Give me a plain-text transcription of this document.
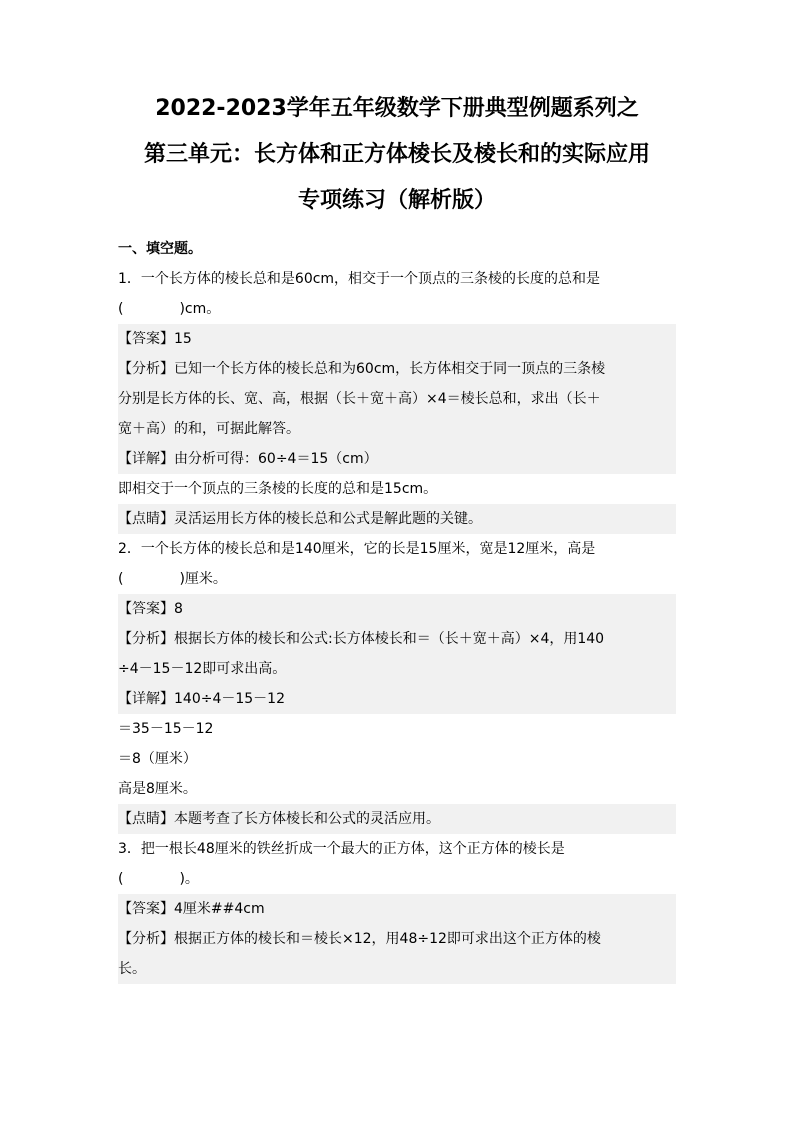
2022-2023学年五年级数学下册典型例题系列之
第三单元：长方体和正方体棱长及棱长和的实际应用
专项练习（解析版）
一、填空题。
1．一个长方体的棱长总和是60cm，相交于一个顶点的三条棱的长度的总和是
(　　　　)cm。
【答案】15
【分析】已知一个长方体的棱长总和为60cm，长方体相交于同一顶点的三条棱
分别是长方体的长、宽、高，根据（长＋宽＋高）×4＝棱长总和，求出（长＋
宽＋高）的和，可据此解答。
【详解】由分析可得：60÷4＝15（cm）
即相交于一个顶点的三条棱的长度的总和是15cm。
【点睛】灵活运用长方体的棱长总和公式是解此题的关键。
2．一个长方体的棱长总和是140厘米，它的长是15厘米，宽是12厘米，高是
(　　　　)厘米。
【答案】8
【分析】根据长方体的棱长和公式:长方体棱长和＝（长＋宽＋高）×4，用140
÷4－15－12即可求出高。
【详解】140÷4－15－12
＝35－15－12
＝8（厘米）
高是8厘米。
【点睛】本题考查了长方体棱长和公式的灵活应用。
3．把一根长48厘米的铁丝折成一个最大的正方体，这个正方体的棱长是
(　　　　)。
【答案】4厘米##4cm
【分析】根据正方体的棱长和＝棱长×12，用48÷12即可求出这个正方体的棱
长。
